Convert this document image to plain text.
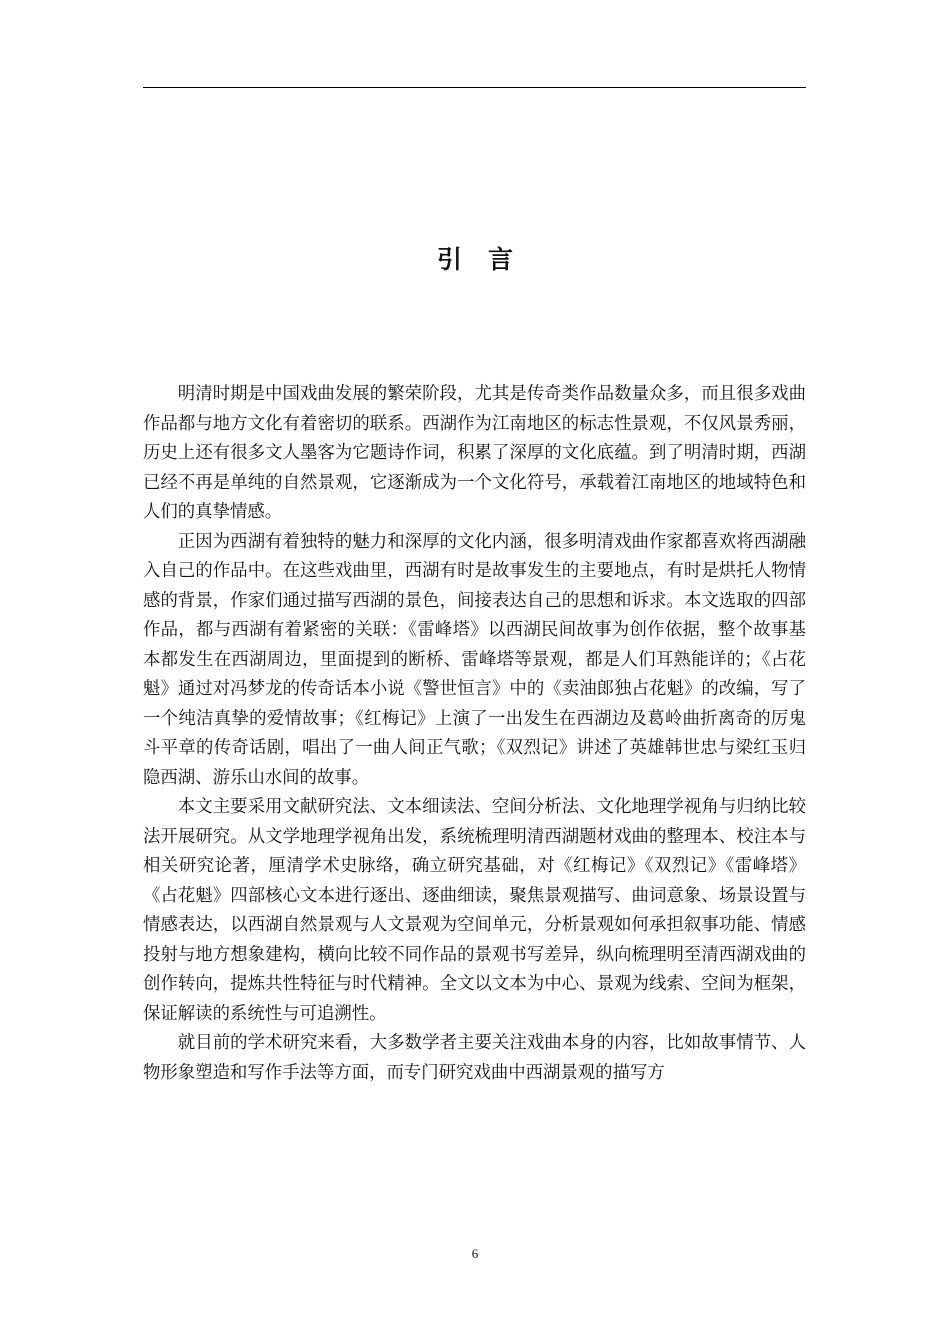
引言

明清时期是中国戏曲发展的繁荣阶段，尤其是传奇类作品数量众多，而且很多戏曲作品都与地方文化有着密切的联系。西湖作为江南地区的标志性景观，不仅风景秀丽，历史上还有很多文人墨客为它题诗作词，积累了深厚的文化底蕴。到了明清时期，西湖已经不再是单纯的自然景观，它逐渐成为一个文化符号，承载着江南地区的地域特色和人们的真挚情感。

正因为西湖有着独特的魅力和深厚的文化内涵，很多明清戏曲作家都喜欢将西湖融入自己的作品中。在这些戏曲里，西湖有时是故事发生的主要地点，有时是烘托人物情感的背景，作家们通过描写西湖的景色，间接表达自己的思想和诉求。本文选取的四部作品，都与西湖有着紧密的关联：《雷峰塔》以西湖民间故事为创作依据，整个故事基本都发生在西湖周边，里面提到的断桥、雷峰塔等景观，都是人们耳熟能详的；《占花魁》通过对冯梦龙的传奇话本小说《警世恒言》中的《卖油郎独占花魁》的改编，写了一个纯洁真挚的爱情故事；《红梅记》上演了一出发生在西湖边及葛岭曲折离奇的厉鬼斗平章的传奇话剧，唱出了一曲人间正气歌；《双烈记》讲述了英雄韩世忠与梁红玉归隐西湖、游乐山水间的故事。

本文主要采用文献研究法、文本细读法、空间分析法、文化地理学视角与归纳比较法开展研究。从文学地理学视角出发，系统梳理明清西湖题材戏曲的整理本、校注本与相关研究论著，厘清学术史脉络，确立研究基础，对《红梅记》《双烈记》《雷峰塔》《占花魁》四部核心文本进行逐出、逐曲细读，聚焦景观描写、曲词意象、场景设置与情感表达，以西湖自然景观与人文景观为空间单元，分析景观如何承担叙事功能、情感投射与地方想象建构，横向比较不同作品的景观书写差异，纵向梳理明至清西湖戏曲的创作转向，提炼共性特征与时代精神。全文以文本为中心、景观为线索、空间为框架，保证解读的系统性与可追溯性。

就目前的学术研究来看，大多数学者主要关注戏曲本身的内容，比如故事情节、人物形象塑造和写作手法等方面，而专门研究戏曲中西湖景观的描写方

6
